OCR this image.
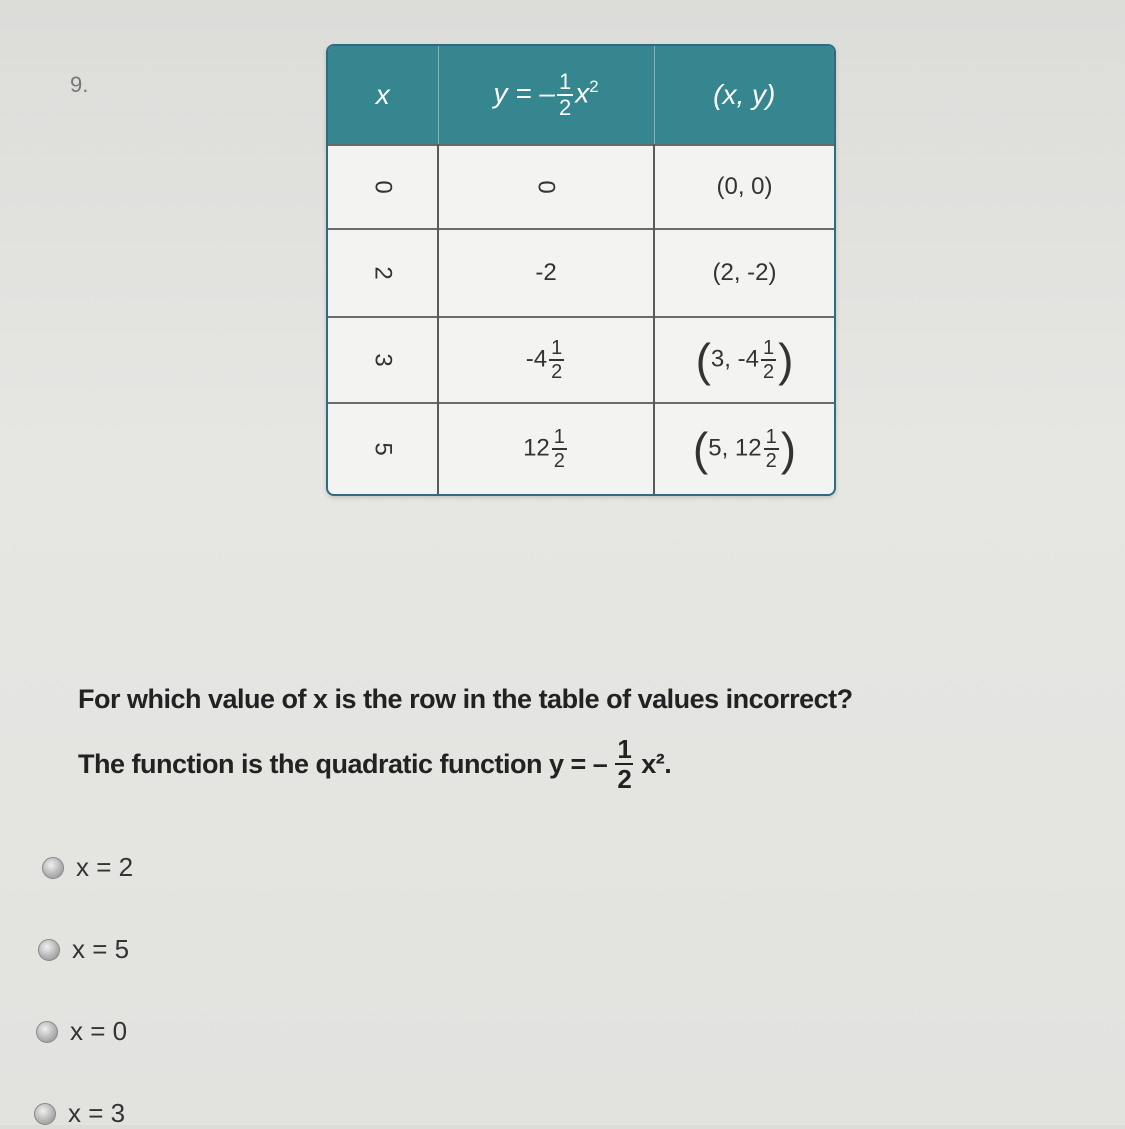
9.	x	y = – $\frac{1}{2} x^2$	(x, y)
0	0	(0, 0)
2	-2	(2, -2)
3	$-4 \frac{1}{2}$	(3, $-4 \frac{1}{2}$ )
5	$12 \frac{1}{2}$	(5, $12 \frac{1}{2}$ )
For which value of x is the row in the table of values incorrect?
The function is the quadratic function y = – $\frac{1}{2} x^2$.
x = 2
x = 5
x = 0
x = 3
